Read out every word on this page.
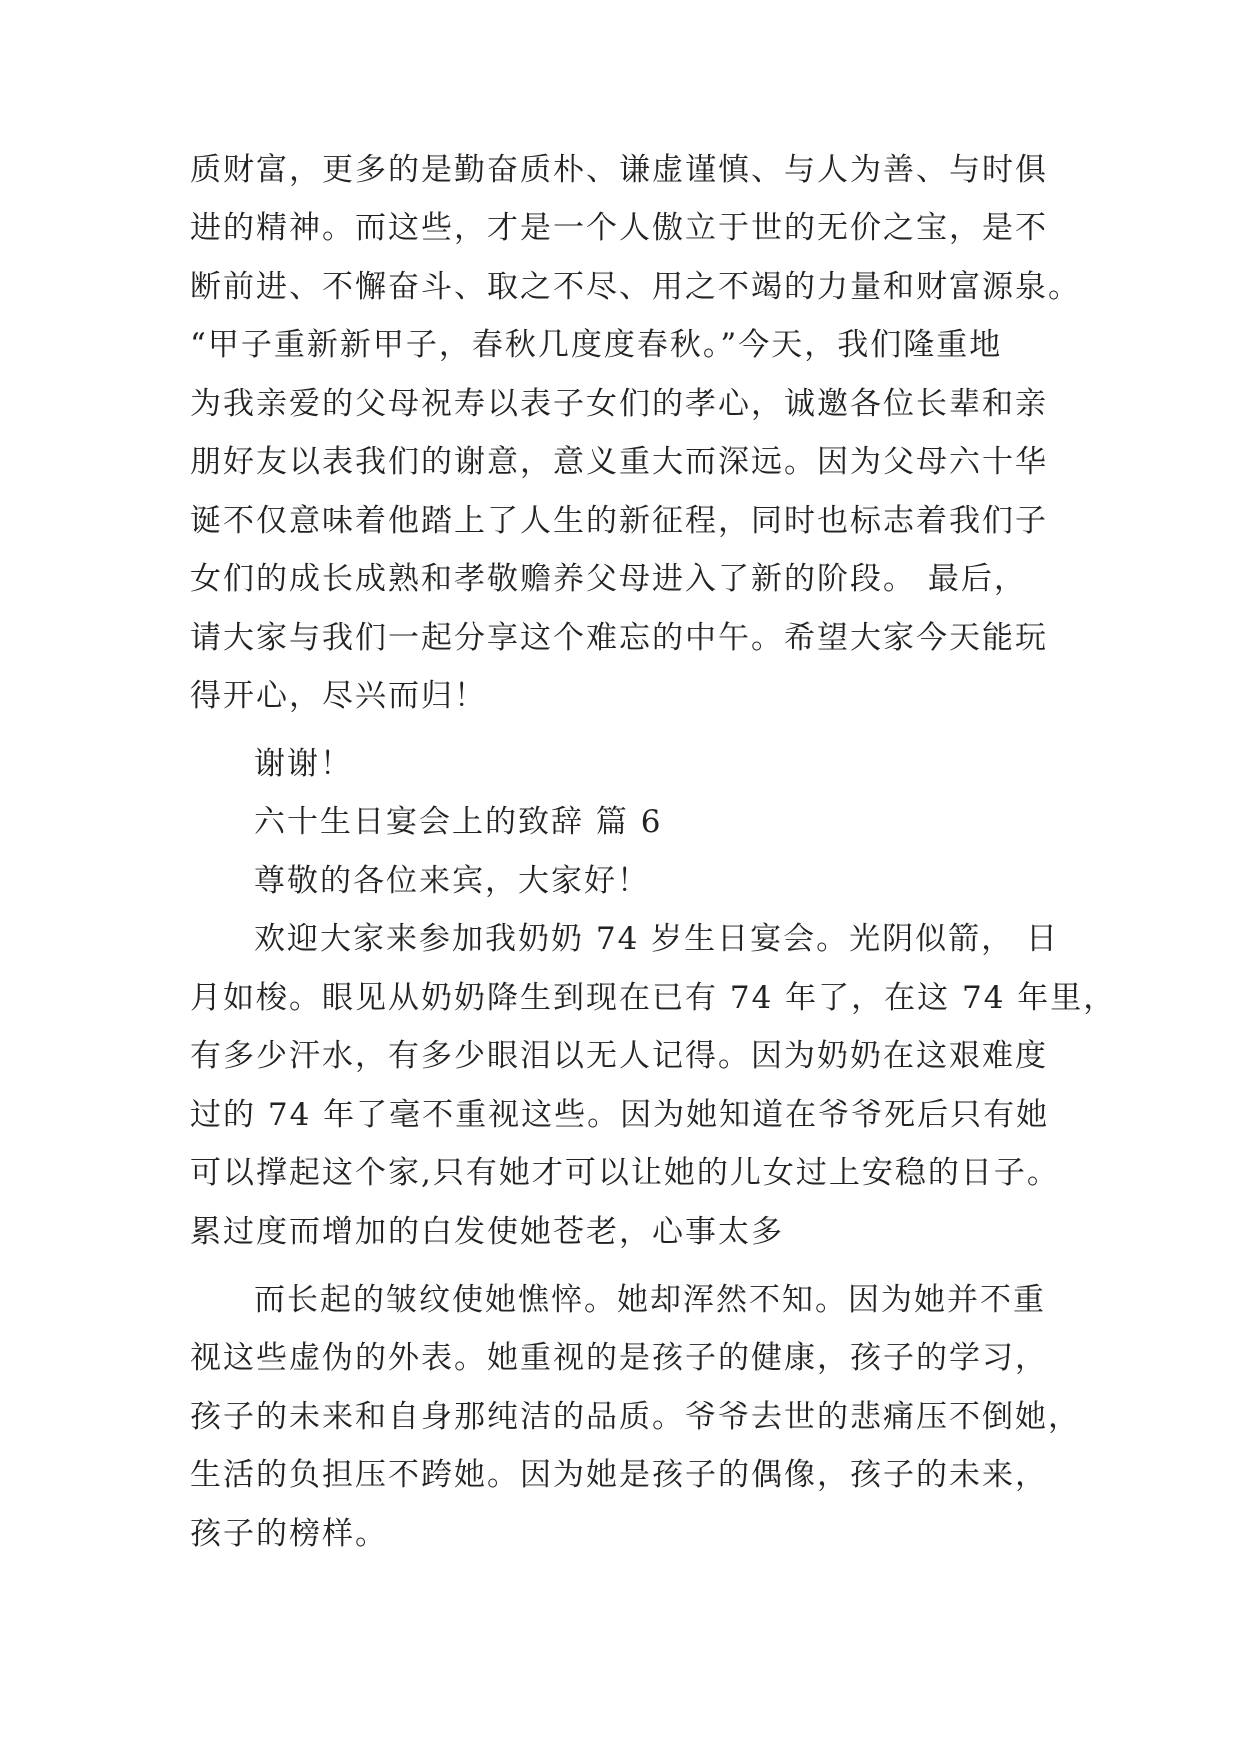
质财富，更多的是勤奋质朴、谦虚谨慎、与人为善、与时俱
进的精神。而这些，才是一个人傲立于世的无价之宝，是不
断前进、不懈奋斗、取之不尽、用之不竭的力量和财富源泉。
“甲子重新新甲子，春秋几度度春秋。”今天，我们隆重地
为我亲爱的父母祝寿以表子女们的孝心，诚邀各位长辈和亲
朋好友以表我们的谢意，意义重大而深远。因为父母六十华
诞不仅意味着他踏上了人生的新征程，同时也标志着我们子
女们的成长成熟和孝敬赡养父母进入了新的阶段。 最后，
请大家与我们一起分享这个难忘的中午。希望大家今天能玩
得开心，尽兴而归！
谢谢！
六十生日宴会上的致辞 篇 6
尊敬的各位来宾，大家好！
欢迎大家来参加我奶奶 74 岁生日宴会。光阴似箭， 日
月如梭。眼见从奶奶降生到现在已有 74 年了，在这 74 年里，
有多少汗水，有多少眼泪以无人记得。因为奶奶在这艰难度
过的 74 年了毫不重视这些。因为她知道在爷爷死后只有她
可以撑起这个家,只有她才可以让她的儿女过上安稳的日子。
累过度而增加的白发使她苍老，心事太多
而长起的皱纹使她憔悴。她却浑然不知。因为她并不重
视这些虚伪的外表。她重视的是孩子的健康，孩子的学习，
孩子的未来和自身那纯洁的品质。爷爷去世的悲痛压不倒她，
生活的负担压不跨她。因为她是孩子的偶像，孩子的未来，
孩子的榜样。
